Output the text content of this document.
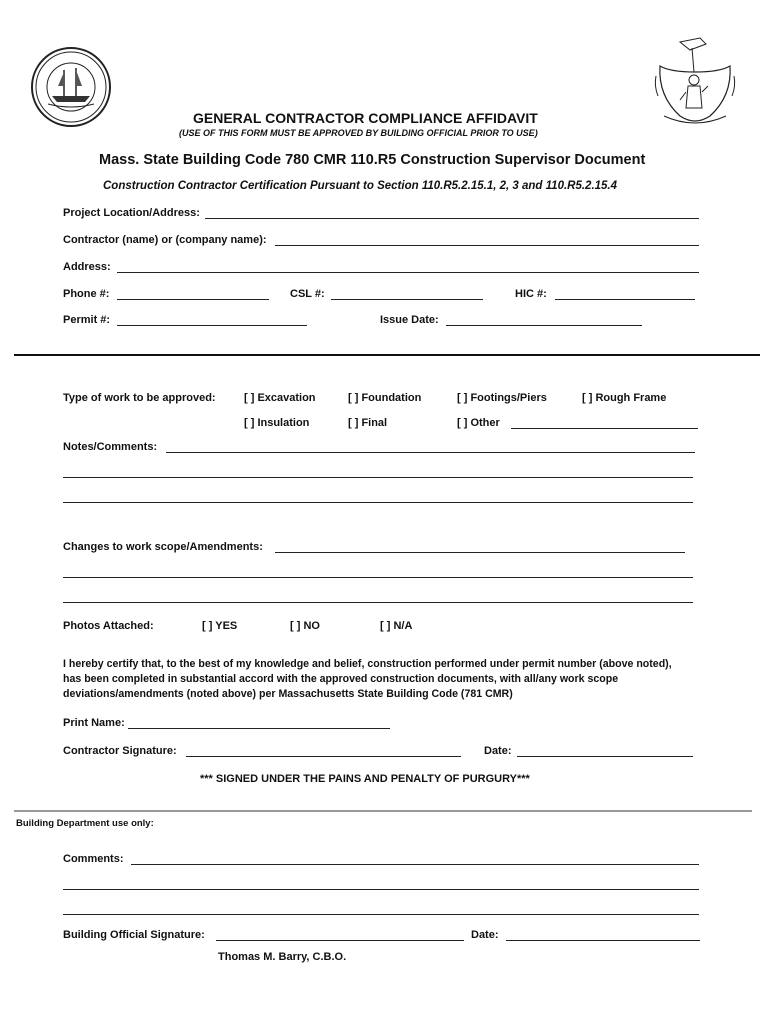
GENERAL CONTRACTOR COMPLIANCE AFFIDAVIT
(USE OF THIS FORM MUST BE APPROVED BY BUILDING OFFICIAL PRIOR TO USE)
Mass. State Building Code 780 CMR 110.R5 Construction Supervisor Document
Construction Contractor Certification Pursuant to Section 110.R5.2.15.1, 2, 3 and 110.R5.2.15.4
Project Location/Address:
Contractor (name) or (company name):
Address:
Phone #:	CSL #:	HIC #:
Permit #:	Issue Date:
Type of work to be approved:	[ ] Excavation	[ ] Foundation	[ ] Footings/Piers	[ ] Rough Frame
[ ] Insulation	[ ] Final	[ ] Other
Notes/Comments:
Changes to work scope/Amendments:
Photos Attached:	[ ] YES	[ ] NO	[ ] N/A
I hereby certify that, to the best of my knowledge and belief, construction performed under permit number (above noted),
has been completed in substantial accord with the approved construction documents, with all/any work scope
deviations/amendments (noted above) per Massachusetts State Building Code (781 CMR)
Print Name:
Contractor Signature:	Date:
*** SIGNED UNDER THE PAINS AND PENALTY OF PURGURY***
Building Department use only:
Comments:
Building Official Signature:	Date:
Thomas M. Barry, C.B.O.
